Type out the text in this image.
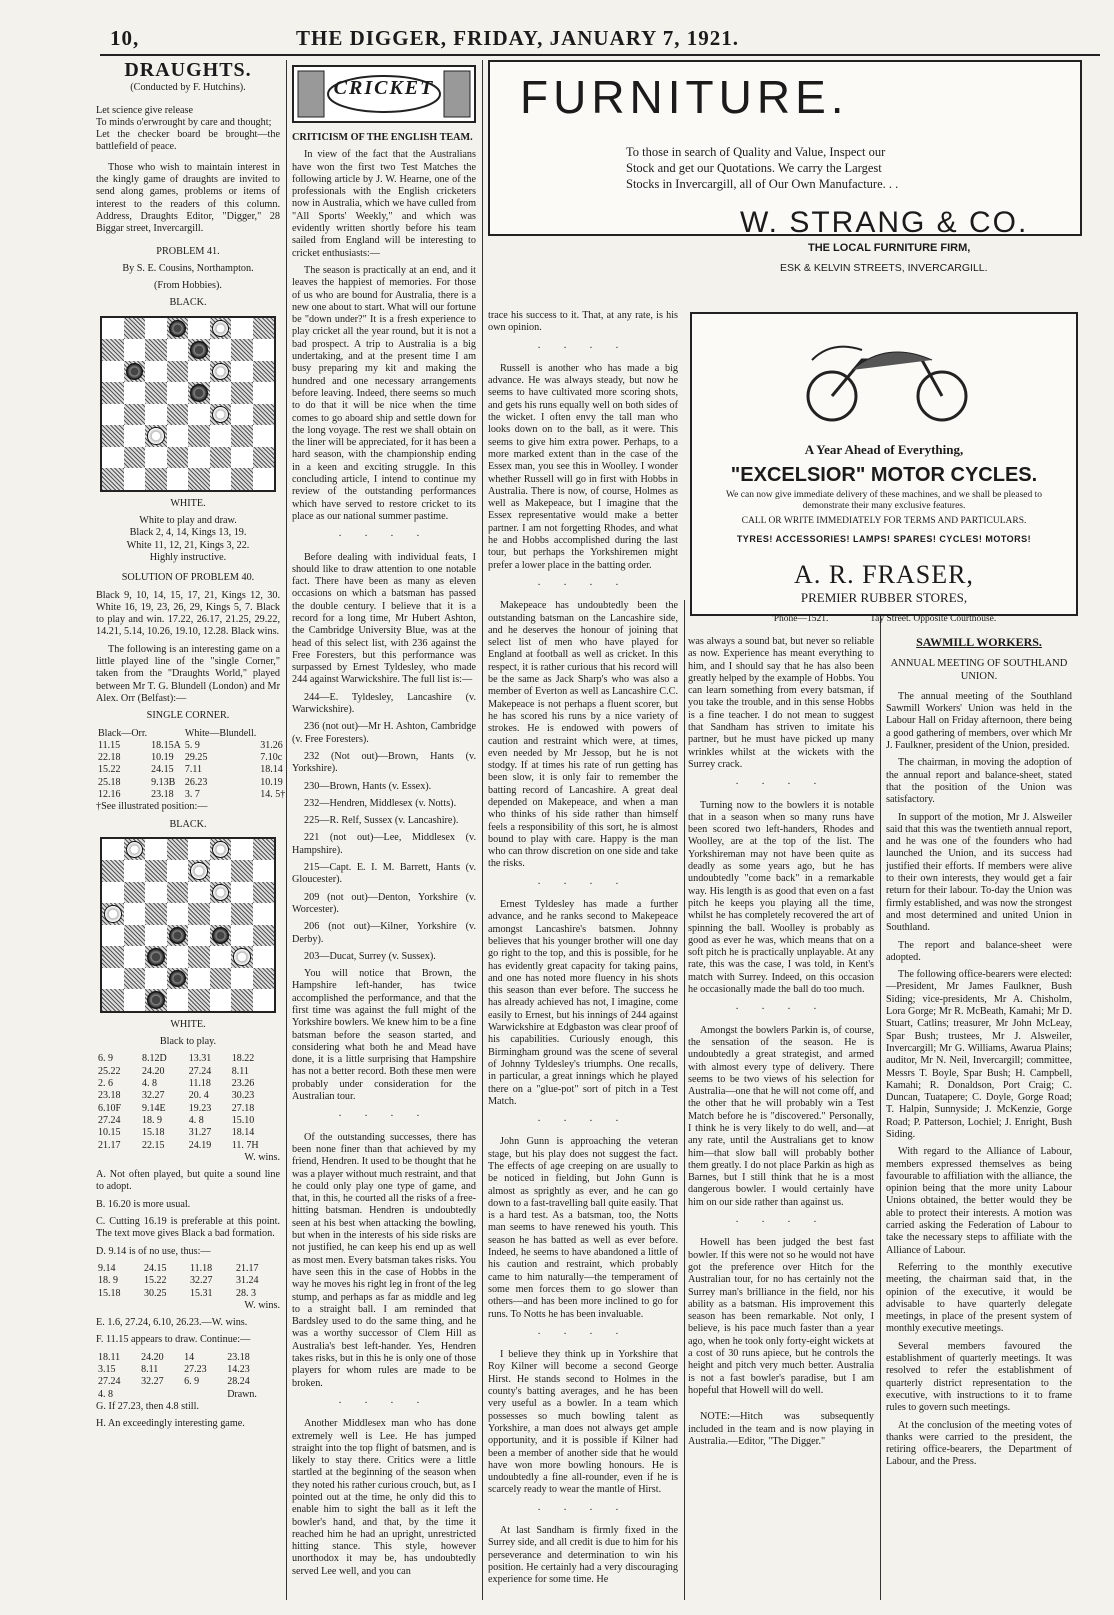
10,	THE DIGGER, FRIDAY, JANUARY 7, 1921.
DRAUGHTS.

(Conducted by F. Hutchins).

Let science give release
To minds o'erwrought by care and thought;
Let the checker board be brought—the battlefield of peace.

Those who wish to maintain interest in the kingly game of draughts are invited to send along games, problems or items of interest to the readers of this column. Address, Draughts Editor, "Digger," 28 Biggar street, Invercargill.

PROBLEM 41.

By S. E. Cousins, Northampton.

(From Hobbies).

BLACK.

WHITE.

White to play and draw.
Black 2, 4, 14, Kings 13, 19.
White 11, 12, 21, Kings 3, 22.
Highly instructive.

SOLUTION OF PROBLEM 40.

Black 9, 10, 14, 15, 17, 21, Kings 12, 30. White 16, 19, 23, 26, 29, Kings 5, 7. Black to play and win. 17.22, 26.17, 21.25, 29.22, 14.21, 5.14, 10.26, 19.10, 12.28. Black wins.

The following is an interesting game on a little played line of the "single Corner," taken from the "Draughts World," played between Mr T. G. Blundell (London) and Mr Alex. Orr (Belfast):—

SINGLE CORNER.

Black—Orr.		White—Blundell.	
11.15	18.15A	5. 9	31.26
22.18	10.19	29.25	7.10c
15.22	24.15	7.11	18.14
25.18	9.13B	26.23	10.19
12.16	23.18	3. 7	14. 5†

†See illustrated position:—

BLACK.

WHITE.

Black to play.

6. 9	8.12D	13.31	18.22
25.22	24.20	27.24	8.11
2. 6	4. 8	11.18	23.26
23.18	32.27	20. 4	30.23
6.10F	9.14E	19.23	27.18
27.24	18. 9	4. 8	15.10
10.15	15.18	31.27	18.14
21.17	22.15	24.19	11. 7H

W. wins.

A. Not often played, but quite a sound line to adopt.

B. 16.20 is more usual.

C. Cutting 16.19 is preferable at this point. The text move gives Black a bad formation.

D. 9.14 is of no use, thus:—

9.14	24.15	11.18	21.17
18. 9	15.22	32.27	31.24
15.18	30.25	15.31	28. 3

W. wins.

E. 1.6, 27.24, 6.10, 26.23.—W. wins.

F. 11.15 appears to draw. Continue:—

18.11	24.20	14	23.18
3.15	8.11	27.23	14.23
27.24	32.27	6. 9	28.24
4. 8			Drawn.

G. If 27.23, then 4.8 still.

H. An exceedingly interesting game.

CRICKET

CRITICISM OF THE ENGLISH TEAM.

In view of the fact that the Australians have won the first two Test Matches the following article by J. W. Hearne, one of the professionals with the English cricketers now in Australia, which we have culled from "All Sports' Weekly," and which was evidently written shortly before his team sailed from England will be interesting to cricket enthusiasts:—

The season is practically at an end, and it leaves the happiest of memories. For those of us who are bound for Australia, there is a new one about to start. What will our fortune be "down under?" It is a fresh experience to play cricket all the year round, but it is not a bad prospect. A trip to Australia is a big undertaking, and at the present time I am busy preparing my kit and making the hundred and one necessary arrangements before leaving. Indeed, there seems so much to do that it will be nice when the time comes to go aboard ship and settle down for the long voyage. The rest we shall obtain on the liner will be appreciated, for it has been a hard season, with the championship ending in a keen and exciting struggle. In this concluding article, I intend to continue my review of the outstanding performances which have served to restore cricket to its place as our national summer pastime.

· · · ·

Before dealing with individual feats, I should like to draw attention to one notable fact. There have been as many as eleven occasions on which a batsman has passed the double century. I believe that it is a record for a long time, Mr Hubert Ashton, the Cambridge University Blue, was at the head of this select list, with 236 against the Free Foresters, but this performance was surpassed by Ernest Tyldesley, who made 244 against Warwickshire. The full list is:—

244—E. Tyldesley, Lancashire (v. Warwickshire).

236 (not out)—Mr H. Ashton, Cambridge (v. Free Foresters).

232 (Not out)—Brown, Hants (v. Yorkshire).

230—Brown, Hants (v. Essex).

232—Hendren, Middlesex (v. Notts).

225—R. Relf, Sussex (v. Lancashire).

221 (not out)—Lee, Middlesex (v. Hampshire).

215—Capt. E. I. M. Barrett, Hants (v. Gloucester).

209 (not out)—Denton, Yorkshire (v. Worcester).

206 (not out)—Kilner, Yorkshire (v. Derby).

203—Ducat, Surrey (v. Sussex).

You will notice that Brown, the Hampshire left-hander, has twice accomplished the performance, and that the first time was against the full might of the Yorkshire bowlers. We knew him to be a fine batsman before the season started, and considering what both he and Mead have done, it is a little surprising that Hampshire has not a better record. Both these men were probably under consideration for the Australian tour.

· · · ·

Of the outstanding successes, there has been none finer than that achieved by my friend, Hendren. It used to be thought that he was a player without much restraint, and that he could only play one type of game, and that, in this, he courted all the risks of a free-hitting batsman. Hendren is undoubtedly seen at his best when attacking the bowling, but when in the interests of his side risks are not justified, he can keep his end up as well as most men. Every batsman takes risks. You have seen this in the case of Hobbs in the way he moves his right leg in front of the leg stump, and perhaps as far as middle and leg to a straight ball. I am reminded that Bardsley used to do the same thing, and he was a worthy successor of Clem Hill as Australia's best left-hander. Yes, Hendren takes risks, but in this he is only one of those players for whom rules are made to be broken.

· · · ·

Another Middlesex man who has done extremely well is Lee. He has jumped straight into the top flight of batsmen, and is likely to stay there. Critics were a little startled at the beginning of the season when they noted his rather curious crouch, but, as I pointed out at the time, he only did this to enable him to sight the ball as it left the bowler's hand, and that, by the time it reached him he had an upright, unrestricted hitting stance. This style, however unorthodox it may be, has undoubtedly served Lee well, and you can

FURNITURE.
To those in search of Quality and Value, Inspect our
Stock and get our Quotations. We carry the Largest
Stocks in Invercargill, all of Our Own Manufacture. . .
W. STRANG & CO.
THE LOCAL FURNITURE FIRM,
ESK & KELVIN STREETS, INVERCARGILL.

trace his success to it. That, at any rate, is his own opinion.

· · · ·

Russell is another who has made a big advance. He was always steady, but now he seems to have cultivated more scoring shots, and gets his runs equally well on both sides of the wicket. I often envy the tall man who looks down on to the ball, as it were. This seems to give him extra power. Perhaps, to a more marked extent than in the case of the Essex man, you see this in Woolley. I wonder whether Russell will go in first with Hobbs in Australia. There is now, of course, Holmes as well as Makepeace, but I imagine that the Essex representative would make a better partner. I am not forgetting Rhodes, and what he and Hobbs accomplished during the last tour, but perhaps the Yorkshiremen might prefer a lower place in the batting order.

· · · ·

Makepeace has undoubtedly been the outstanding batsman on the Lancashire side, and he deserves the honour of joining that select list of men who have played for England at football as well as cricket. In this respect, it is rather curious that his record will be the same as Jack Sharp's who was also a member of Everton as well as Lancashire C.C. Makepeace is not perhaps a fluent scorer, but he has scored his runs by a nice variety of strokes. He is endowed with powers of caution and restraint which were, at times, even needed by Mr Jessop, but he is not stodgy. If at times his rate of run getting has been slow, it is only fair to remember the batting record of Lancashire. A great deal depended on Makepeace, and when a man who thinks of his side rather than himself feels a responsibility of this sort, he is almost bound to play with care. Happy is the man who can throw discretion on one side and take the risks.

· · · ·

Ernest Tyldesley has made a further advance, and he ranks second to Makepeace amongst Lancashire's batsmen. Johnny believes that his younger brother will one day go right to the top, and this is possible, for he has evidently great capacity for taking pains, and one has noted more fluency in his shots this season than ever before. The success he has already achieved has not, I imagine, come easily to Ernest, but his innings of 244 against Warwickshire at Edgbaston was clear proof of his capabilities. Curiously enough, this Birmingham ground was the scene of several of Johnny Tyldesley's triumphs. One recalls, in particular, a great innings which he played there on a "glue-pot" sort of pitch in a Test Match.

· · · ·

John Gunn is approaching the veteran stage, but his play does not suggest the fact. The effects of age creeping on are usually to be noticed in fielding, but John Gunn is almost as sprightly as ever, and he can go down to a fast-travelling ball quite easily. That is a hard test. As a batsman, too, the Notts man seems to have renewed his youth. This season he has batted as well as ever before. Indeed, he seems to have abandoned a little of his caution and restraint, which probably came to him naturally—the temperament of some men forces them to go slower than others—and has been more inclined to go for runs. To Notts he has been invaluable.

· · · ·

I believe they think up in Yorkshire that Roy Kilner will become a second George Hirst. He stands second to Holmes in the county's batting averages, and he has been very useful as a bowler. In a team which possesses so much bowling talent as Yorkshire, a man does not always get ample opportunity, and it is possible if Kilner had been a member of another side that he would have won more bowling honours. He is undoubtedly a fine all-rounder, even if he is scarcely ready to wear the mantle of Hirst.

· · · ·

At last Sandham is firmly fixed in the Surrey side, and all credit is due to him for his perseverance and determination to win his position. He certainly had a very discouraging experience for some time. He

A Year Ahead of Everything,
"EXCELSIOR" MOTOR CYCLES.
We can now give immediate delivery of these machines, and we shall be pleased to demonstrate their many exclusive features.
CALL OR WRITE IMMEDIATELY FOR TERMS AND PARTICULARS.
TYRES! ACCESSORIES! LAMPS! SPARES! CYCLES! MOTORS!
A. R. FRASER,
PREMIER RUBBER STORES,
'Phone—1521.	Tay Street. Opposite Courthouse.

was always a sound bat, but never so reliable as now. Experience has meant everything to him, and I should say that he has also been greatly helped by the example of Hobbs. You can learn something from every batsman, if you take the trouble, and in this sense Hobbs is a fine teacher. I do not mean to suggest that Sandham has striven to imitate his partner, but he must have picked up many wrinkles whilst at the wickets with the Surrey crack.

· · · ·

Turning now to the bowlers it is notable that in a season when so many runs have been scored two left-handers, Rhodes and Woolley, are at the top of the list. The Yorkshireman may not have been quite as deadly as some years ago, but he has undoubtedly "come back" in a remarkable way. His length is as good that even on a fast pitch he keeps you playing all the time, whilst he has completely recovered the art of spinning the ball. Woolley is probably as good as ever he was, which means that on a soft pitch he is practically unplayable. At any rate, this was the case, I was told, in Kent's match with Surrey. Indeed, on this occasion he occasionally made the ball do too much.

· · · ·

Amongst the bowlers Parkin is, of course, the sensation of the season. He is undoubtedly a great strategist, and armed with almost every type of delivery. There seems to be two views of his selection for Australia—one that he will not come off, and the other that he will probably win a Test Match before he is "discovered." Personally, I think he is very likely to do well, and—at any rate, until the Australians get to know him—that slow ball will probably bother them greatly. I do not place Parkin as high as Barnes, but I still think that he is a most dangerous bowler. I would certainly have him on our side rather than against us.

· · · ·

Howell has been judged the best fast bowler. If this were not so he would not have got the preference over Hitch for the Australian tour, for no has certainly not the Surrey man's brilliance in the field, nor his ability as a batsman. His improvement this season has been remarkable. Not only, I believe, is his pace much faster than a year ago, when he took only forty-eight wickets at a cost of 30 runs apiece, but he controls the height and pitch very much better. Australia is not a fast bowler's paradise, but I am hopeful that Howell will do well.

NOTE:—Hitch was subsequently included in the team and is now playing in Australia.—Editor, "The Digger."

SAWMILL WORKERS.

ANNUAL MEETING OF SOUTHLAND UNION.

The annual meeting of the Southland Sawmill Workers' Union was held in the Labour Hall on Friday afternoon, there being a good gathering of members, over which Mr J. Faulkner, president of the Union, presided.

The chairman, in moving the adoption of the annual report and balance-sheet, stated that the position of the Union was satisfactory.

In support of the motion, Mr J. Alsweiler said that this was the twentieth annual report, and he was one of the founders who had launched the Union, and its success had justified their efforts. If members were alive to their own interests, they would get a fair return for their labour. To-day the Union was firmly established, and was now the strongest and most determined and united Union in Southland.

The report and balance-sheet were adopted.

The following office-bearers were elected:—President, Mr James Faulkner, Bush Siding; vice-presidents, Mr A. Chisholm, Lora Gorge; Mr R. McBeath, Kamahi; Mr D. Stuart, Catlins; treasurer, Mr John McLeay, Spar Bush; trustees, Mr J. Alsweiler, Invercargill; Mr G. Williams, Awarua Plains; auditor, Mr N. Neil, Invercargill; committee, Messrs T. Boyle, Spar Bush; H. Campbell, Kamahi; R. Donaldson, Port Craig; C. Duncan, Tuatapere; C. Doyle, Gorge Road; T. Halpin, Sunnyside; J. McKenzie, Gorge Road; P. Patterson, Lochiel; J. Enright, Bush Siding.

With regard to the Alliance of Labour, members expressed themselves as being favourable to affiliation with the alliance, the opinion being that the more unity Labour Unions obtained, the better would they be able to protect their interests. A motion was carried asking the Federation of Labour to take the necessary steps to affiliate with the Alliance of Labour.

Referring to the monthly executive meeting, the chairman said that, in the opinion of the executive, it would be advisable to have quarterly delegate meetings, in place of the present system of monthly executive meetings.

Several members favoured the establishment of quarterly meetings. It was resolved to refer the establishment of quarterly district representation to the executive, with instructions to it to frame rules to govern such meetings.

At the conclusion of the meeting votes of thanks were carried to the president, the retiring office-bearers, the Department of Labour, and the Press.
